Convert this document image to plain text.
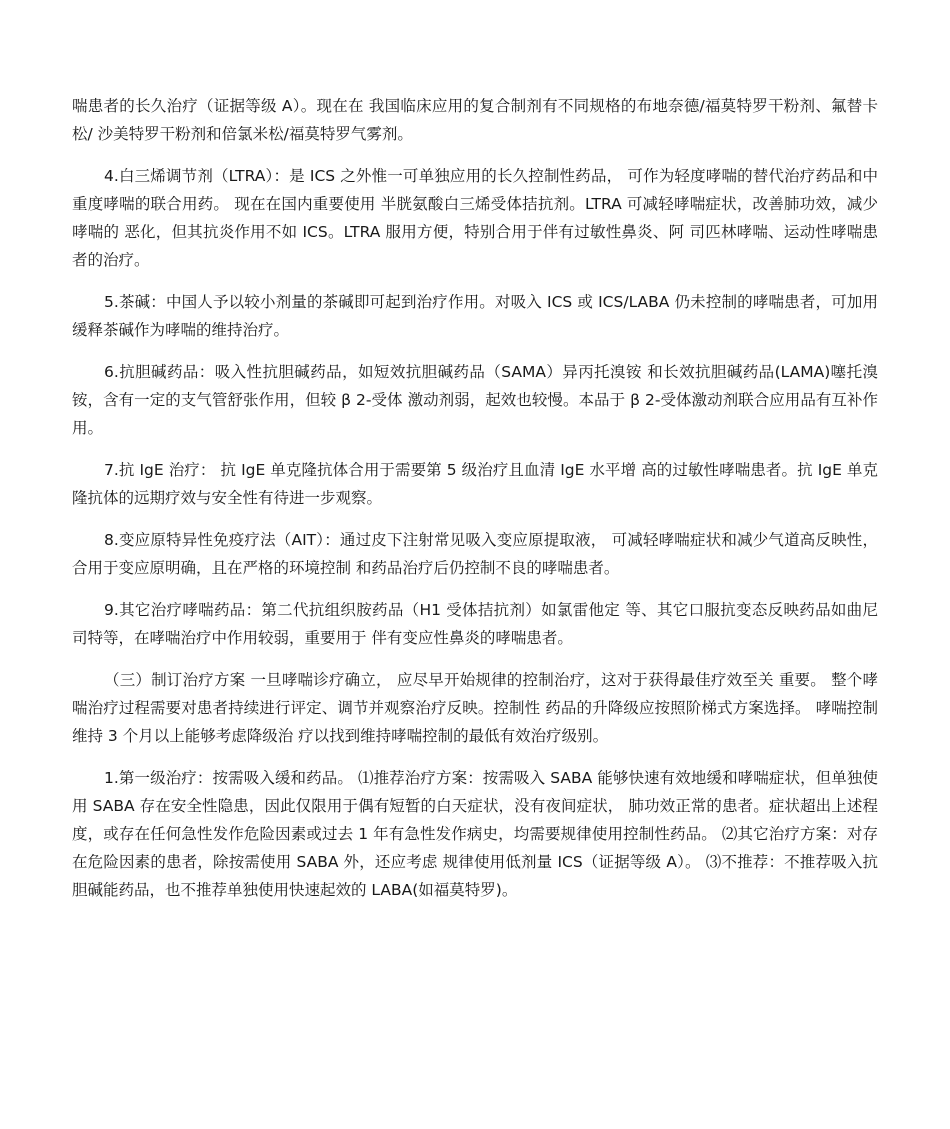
喘患者的长久治疗（证据等级 A）。现在在 我国临床应用的复合制剂有不同规格的布地奈德/福莫特罗干粉剂、氟替卡松/ 沙美特罗干粉剂和倍氯米松/福莫特罗气雾剂。

4.白三烯调节剂（LTRA）：是 ICS 之外惟一可单独应用的长久控制性药品， 可作为轻度哮喘的替代治疗药品和中重度哮喘的联合用药。 现在在国内重要使用 半胱氨酸白三烯受体拮抗剂。LTRA 可减轻哮喘症状，改善肺功效，减少哮喘的 恶化，但其抗炎作用不如 ICS。LTRA 服用方便，特别合用于伴有过敏性鼻炎、阿 司匹林哮喘、运动性哮喘患者的治疗。

5.茶碱：中国人予以较小剂量的茶碱即可起到治疗作用。对吸入 ICS 或 ICS/LABA 仍未控制的哮喘患者，可加用缓释茶碱作为哮喘的维持治疗。

6.抗胆碱药品：吸入性抗胆碱药品，如短效抗胆碱药品（SAMA）异丙托溴铵 和长效抗胆碱药品(LAMA)噻托溴铵，含有一定的支气管舒张作用，但较 β 2-受体 激动剂弱，起效也较慢。本品于 β 2-受体激动剂联合应用品有互补作用。

7.抗 IgE 治疗： 抗 IgE 单克隆抗体合用于需要第 5 级治疗且血清 IgE 水平增 高的过敏性哮喘患者。抗 IgE 单克隆抗体的远期疗效与安全性有待进一步观察。

8.变应原特异性免疫疗法（AIT）：通过皮下注射常见吸入变应原提取液， 可减轻哮喘症状和减少气道高反映性，合用于变应原明确，且在严格的环境控制 和药品治疗后仍控制不良的哮喘患者。

9.其它治疗哮喘药品：第二代抗组织胺药品（H1 受体拮抗剂）如氯雷他定 等、其它口服抗变态反映药品如曲尼司特等，在哮喘治疗中作用较弱，重要用于 伴有变应性鼻炎的哮喘患者。

（三）制订治疗方案 一旦哮喘诊疗确立， 应尽早开始规律的控制治疗，这对于获得最佳疗效至关 重要。 整个哮喘治疗过程需要对患者持续进行评定、调节并观察治疗反映。控制性 药品的升降级应按照阶梯式方案选择。 哮喘控制维持 3 个月以上能够考虑降级治 疗以找到维持哮喘控制的最低有效治疗级别。

1.第一级治疗：按需吸入缓和药品。 ⑴推荐治疗方案：按需吸入 SABA 能够快速有效地缓和哮喘症状，但单独使 用 SABA 存在安全性隐患，因此仅限用于偶有短暂的白天症状，没有夜间症状， 肺功效正常的患者。症状超出上述程度，或存在任何急性发作危险因素或过去 1 年有急性发作病史，均需要规律使用控制性药品。 ⑵其它治疗方案：对存在危险因素的患者，除按需使用 SABA 外，还应考虑 规律使用低剂量 ICS（证据等级 A）。 ⑶不推荐：不推荐吸入抗胆碱能药品，也不推荐单独使用快速起效的 LABA(如福莫特罗)。
